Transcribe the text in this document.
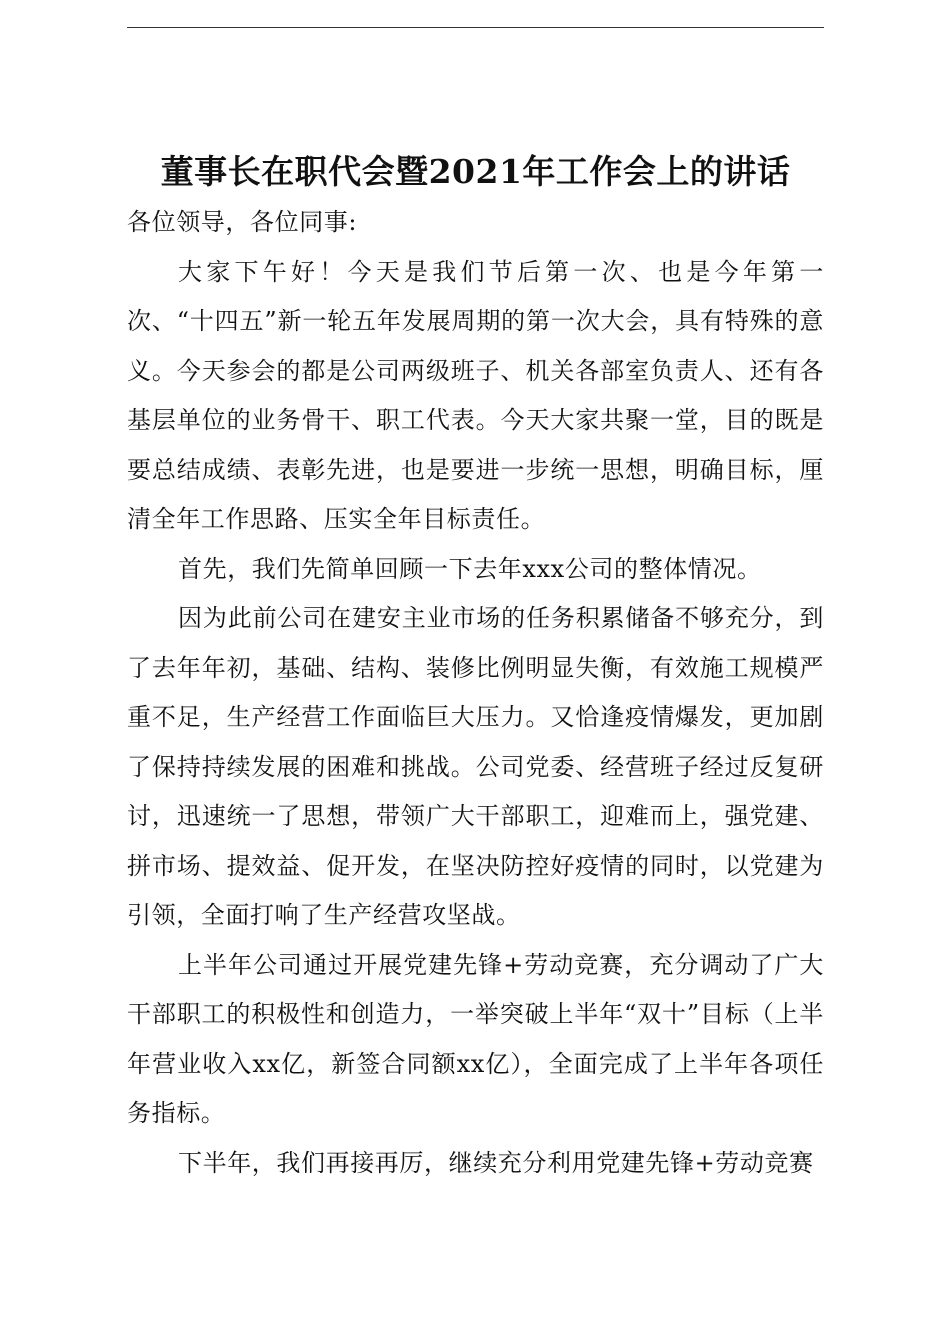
董事长在职代会暨2021年工作会上的讲话

各位领导，各位同事:

大家下午好！今天是我们节后第一次、也是今年第一次、“十四五”新一轮五年发展周期的第一次大会，具有特殊的意义。今天参会的都是公司两级班子、机关各部室负责人、还有各基层单位的业务骨干、职工代表。今天大家共聚一堂，目的既是要总结成绩、表彰先进，也是要进一步统一思想，明确目标，厘清全年工作思路、压实全年目标责任。

首先，我们先简单回顾一下去年xxx公司的整体情况。

因为此前公司在建安主业市场的任务积累储备不够充分，到了去年年初，基础、结构、装修比例明显失衡，有效施工规模严重不足，生产经营工作面临巨大压力。又恰逢疫情爆发，更加剧了保持持续发展的困难和挑战。公司党委、经营班子经过反复研讨，迅速统一了思想，带领广大干部职工，迎难而上，强党建、拼市场、提效益、促开发，在坚决防控好疫情的同时，以党建为引领，全面打响了生产经营攻坚战。

上半年公司通过开展党建先锋+劳动竞赛，充分调动了广大干部职工的积极性和创造力，一举突破上半年“双十”目标（上半年营业收入xx亿，新签合同额xx亿），全面完成了上半年各项任务指标。

下半年，我们再接再厉，继续充分利用党建先锋+劳动竞赛
